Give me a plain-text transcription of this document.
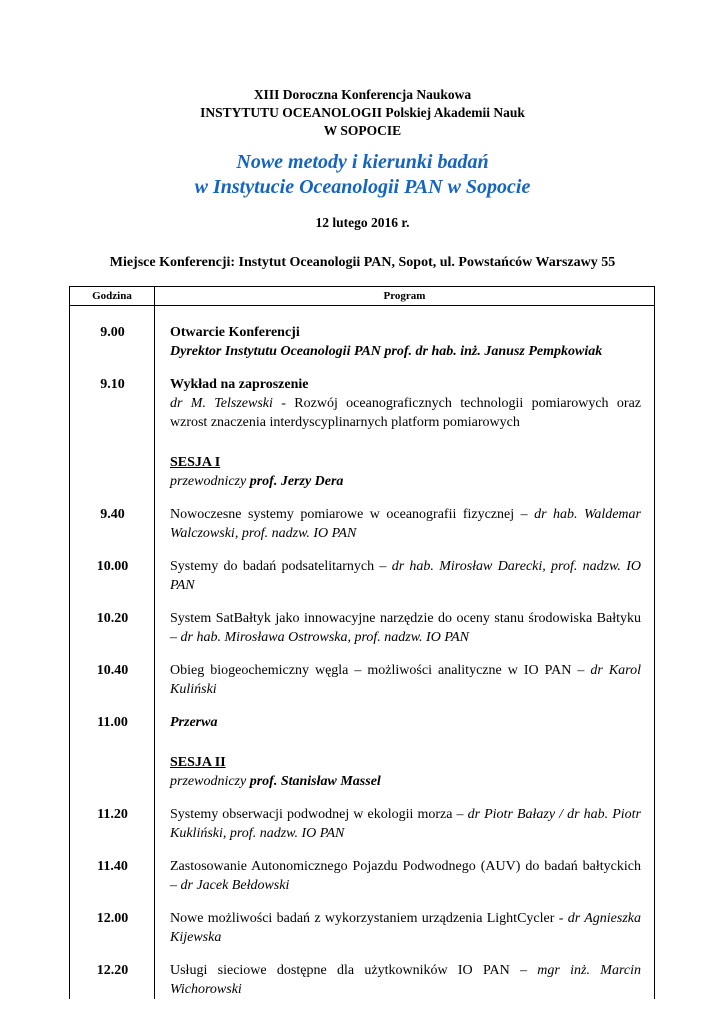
XIII Doroczna Konferencja Naukowa
INSTYTUTU OCEANOLOGII Polskiej Akademii Nauk
W SOPOCIE
Nowe metody i kierunki badań
w Instytucie Oceanologii PAN w Sopocie
12 lutego 2016 r.
Miejsce Konferencji: Instytut Oceanologii PAN, Sopot, ul. Powstańców Warszawy 55
Godzina	Program
9.00	Otwarcie Konferencji
Dyrektor Instytutu Oceanologii PAN prof. dr hab. inż. Janusz Pempkowiak
9.10	Wykład na zaproszenie
dr M. Telszewski - Rozwój oceanograficznych technologii pomiarowych oraz wzrost znaczenia interdyscyplinarnych platform pomiarowych
SESJA I
przewodniczy prof. Jerzy Dera
9.40	Nowoczesne systemy pomiarowe w oceanografii fizycznej – dr hab. Waldemar Walczowski, prof. nadzw. IO PAN
10.00	Systemy do badań podsatelitarnych – dr hab. Mirosław Darecki, prof. nadzw. IO PAN
10.20	System SatBałtyk jako innowacyjne narzędzie do oceny stanu środowiska Bałtyku – dr hab. Mirosława Ostrowska, prof. nadzw. IO PAN
10.40	Obieg biogeochemiczny węgla – możliwości analityczne w IO PAN – dr Karol Kuliński
11.00	Przerwa
SESJA II
przewodniczy prof. Stanisław Massel
11.20	Systemy obserwacji podwodnej w ekologii morza – dr Piotr Bałazy / dr hab. Piotr Kukliński, prof. nadzw. IO PAN
11.40	Zastosowanie Autonomicznego Pojazdu Podwodnego (AUV) do badań bałtyckich – dr Jacek Bełdowski
12.00	Nowe możliwości badań z wykorzystaniem urządzenia LightCycler - dr Agnieszka Kijewska
12.20	Usługi sieciowe dostępne dla użytkowników IO PAN – mgr inż. Marcin Wichorowski
